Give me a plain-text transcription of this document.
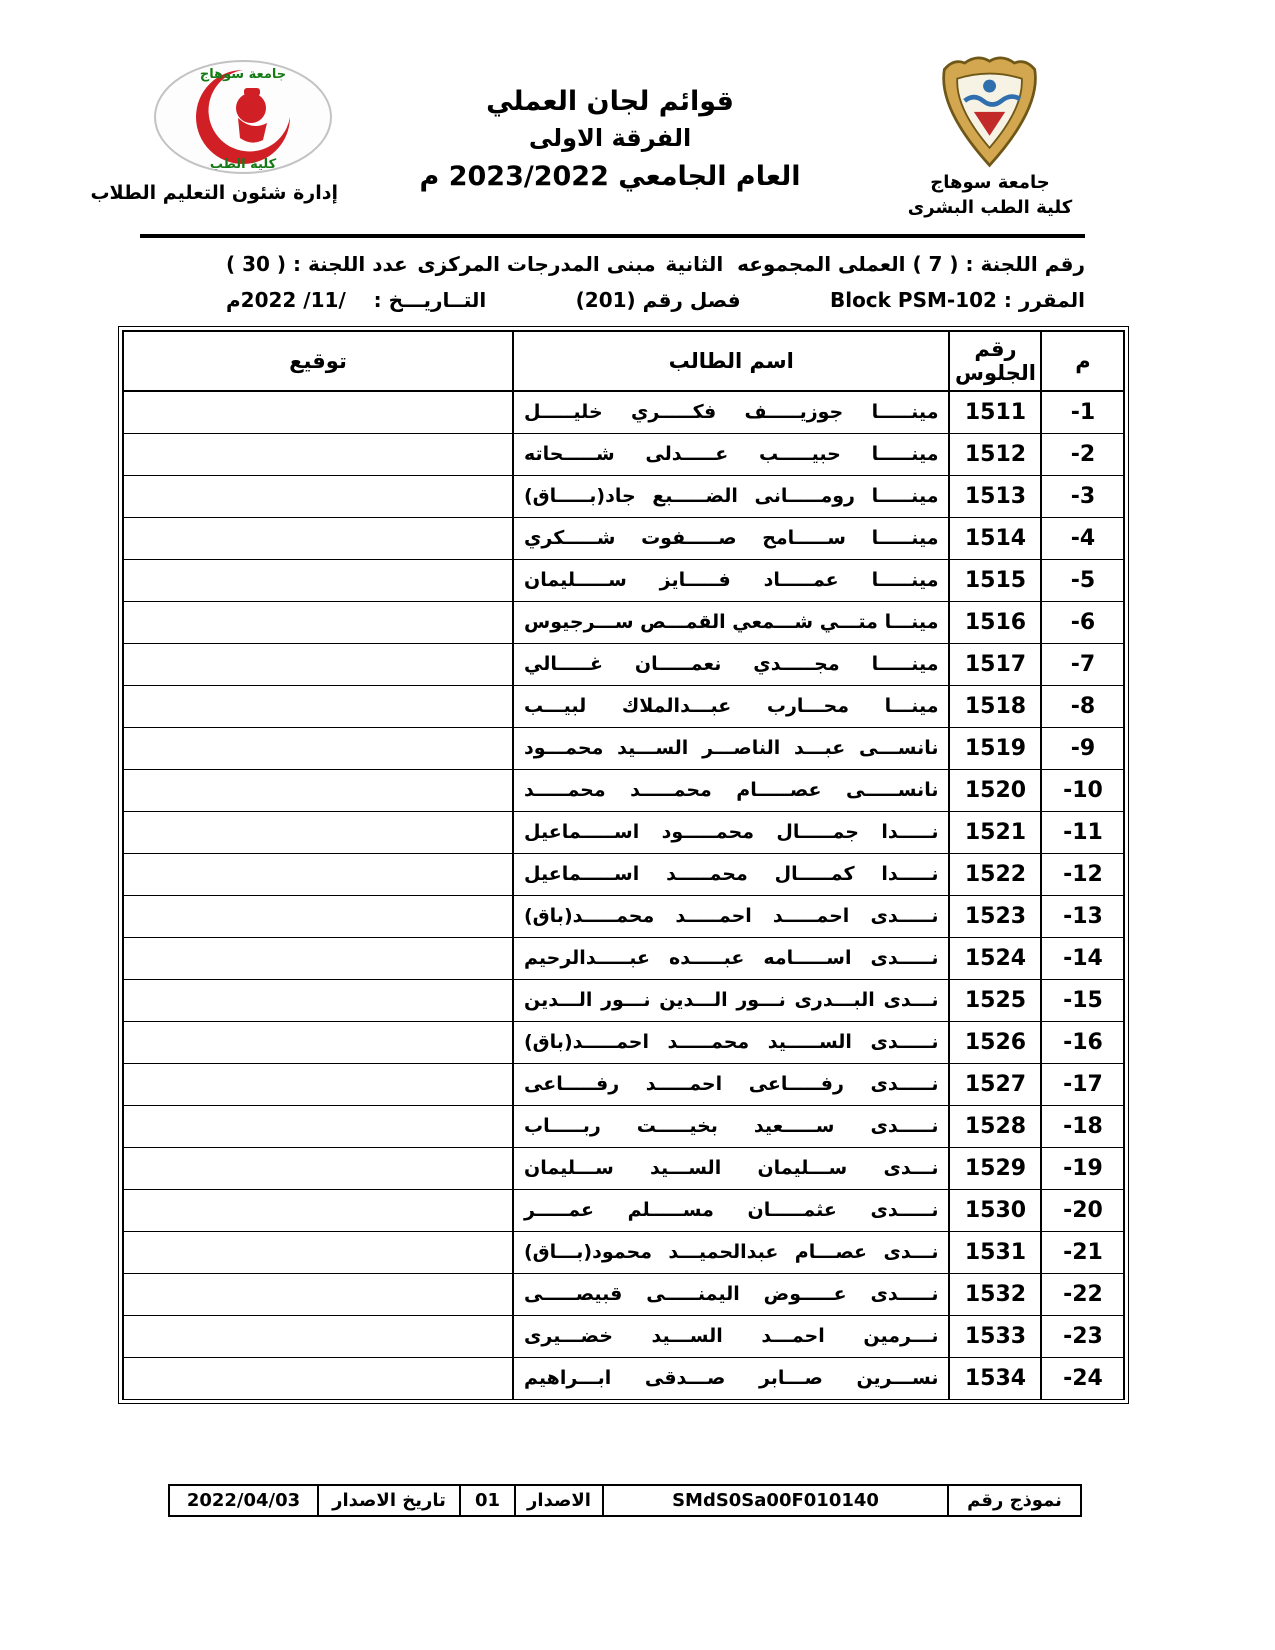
جامعة سوهاج
كلية الطب
إدارة شئون التعليم الطلاب
قوائم لجان العملي
الفرقة الاولى
العام الجامعي 2023/2022 م	جامعة سوهاج
كلية الطب البشرى
رقم اللجنة : ( 7 ) العملى المجموعه  الثانية
مبنى المدرجات المركزى
عدد اللجنة : ( 30 )
المقرر : Block PSM-102
فصل رقم (201)
التــاريـــخ :    /11/ 2022م
م	رقم الجلوس	اسم الطالب	توقيع
-1	1511	مينـــــا جوزيـــــف فكـــــري خليـــــل	
-2	1512	مينـــــا حبيـــــب عـــــدلى شـــــحاته	
-3	1513	مينـــــا رومـــــانى الضـــــبع جاد(بـــــاق)	
-4	1514	مينـــــا ســـــامح صـــــفوت شـــــكري	
-5	1515	مينـــــا عمـــــاد فـــــايز ســـــليمان	
-6	1516	مينـــا متـــي شـــمعي القمـــص ســـرجيوس	
-7	1517	مينـــــا مجـــــدي نعمـــــان غـــــالي	
-8	1518	مينـــا محـــارب عبـــدالملاك لبيـــب	
-9	1519	نانســـى عبـــد الناصـــر الســـيد محمـــود	
-10	1520	نانســـــى عصـــــام محمـــــد محمـــــد	
-11	1521	نـــــدا جمـــــال محمـــــود اســـــماعيل	
-12	1522	نـــــدا كمـــــال محمـــــد اســـــماعيل	
-13	1523	نـــــدى احمـــــد احمـــــد محمـــــد(باق)	
-14	1524	نـــــدى اســـــامه عبـــــده عبـــــدالرحيم	
-15	1525	نـــدى البـــدرى نـــور الـــدين نـــور الـــدين	
-16	1526	نـــــدى الســـــيد محمـــــد احمـــــد(باق)	
-17	1527	نـــــدى رفـــــاعى احمـــــد رفـــــاعى	
-18	1528	نـــــدى ســـــعيد بخيـــــت ربـــــاب	
-19	1529	نـــدى ســـليمان الســـيد ســـليمان	
-20	1530	نـــــدى عثمـــــان مســـــلم عمـــــر	
-21	1531	نـــدى عصـــام عبدالحميـــد محمود(بـــاق)	
-22	1532	نـــــدى عـــــوض اليمنـــــى قبيصـــــى	
-23	1533	نـــرمين احمـــد الســـيد خضـــيرى	
-24	1534	نســـرين صـــابر صـــدقى ابـــراهيم	
نموذج رقم	SMdS0Sa00F010140	الاصدار	01	تاريخ الاصدار	2022/04/03
